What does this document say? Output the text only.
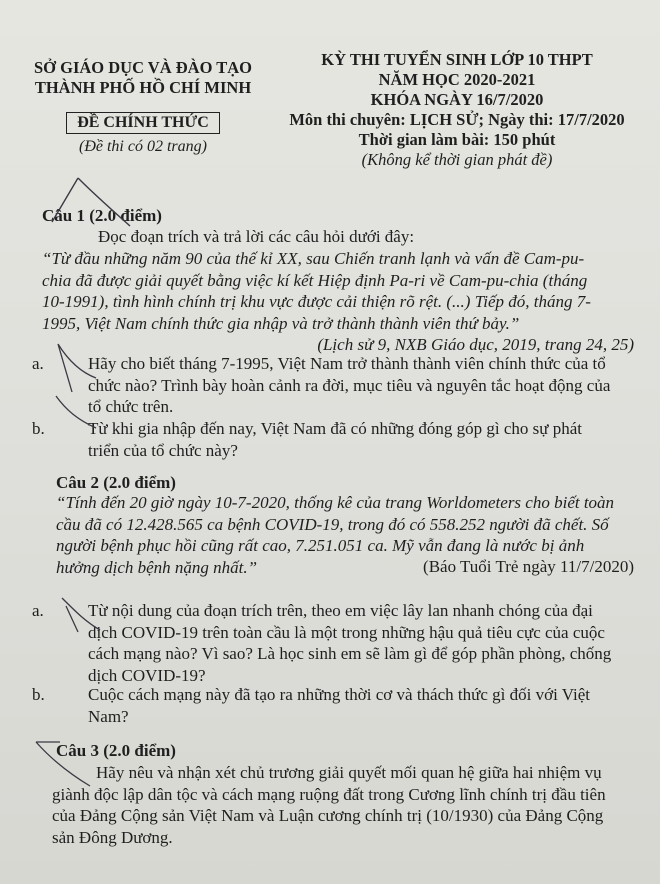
SỞ GIÁO DỤC VÀ ĐÀO TẠO
THÀNH PHỐ HỒ CHÍ MINH
ĐỀ CHÍNH THỨC
(Đề thi có 02 trang)
KỲ THI TUYỂN SINH LỚP 10 THPT
NĂM HỌC 2020-2021
KHÓA NGÀY 16/7/2020
Môn thi chuyên: LỊCH SỬ; Ngày thi: 17/7/2020
Thời gian làm bài: 150 phút
(Không kể thời gian phát đề)
Câu 1 (2.0 điểm)
Đọc đoạn trích và trả lời các câu hỏi dưới đây:
“Từ đầu những năm 90 của thế kỉ XX, sau Chiến tranh lạnh và vấn đề Cam-pu-
chia đã được giải quyết bằng việc kí kết Hiệp định Pa-ri về Cam-pu-chia (tháng
10-1991), tình hình chính trị khu vực được cải thiện rõ rệt. (...) Tiếp đó, tháng 7-
1995, Việt Nam chính thức gia nhập và trở thành thành viên thứ bảy.”
(Lịch sử 9, NXB Giáo dục, 2019, trang 24, 25)
a.	Hãy cho biết tháng 7-1995, Việt Nam trở thành thành viên chính thức của tổ
chức nào? Trình bày hoàn cảnh ra đời, mục tiêu và nguyên tắc hoạt động của
tổ chức trên.
b.	Từ khi gia nhập đến nay, Việt Nam đã có những đóng góp gì cho sự phát
triển của tổ chức này?
Câu 2 (2.0 điểm)
“Tính đến 20 giờ ngày 10-7-2020, thống kê của trang Worldometers cho biết toàn
cầu đã có 12.428.565 ca bệnh COVID-19, trong đó có 558.252 người đã chết. Số
người bệnh phục hồi cũng rất cao, 7.251.051 ca. Mỹ vẫn đang là nước bị ảnh
hưởng dịch bệnh nặng nhất.”	(Báo Tuổi Trẻ ngày 11/7/2020)
a.	Từ nội dung của đoạn trích trên, theo em việc lây lan nhanh chóng của đại
dịch COVID-19 trên toàn cầu là một trong những hậu quả tiêu cực của cuộc
cách mạng nào? Vì sao? Là học sinh em sẽ làm gì để góp phần phòng, chống
dịch COVID-19?
b.	Cuộc cách mạng này đã tạo ra những thời cơ và thách thức gì đối với Việt
Nam?
Câu 3 (2.0 điểm)
Hãy nêu và nhận xét chủ trương giải quyết mối quan hệ giữa hai nhiệm vụ
giành độc lập dân tộc và cách mạng ruộng đất trong Cương lĩnh chính trị đầu tiên
của Đảng Cộng sản Việt Nam và Luận cương chính trị (10/1930) của Đảng Cộng
sản Đông Dương.
